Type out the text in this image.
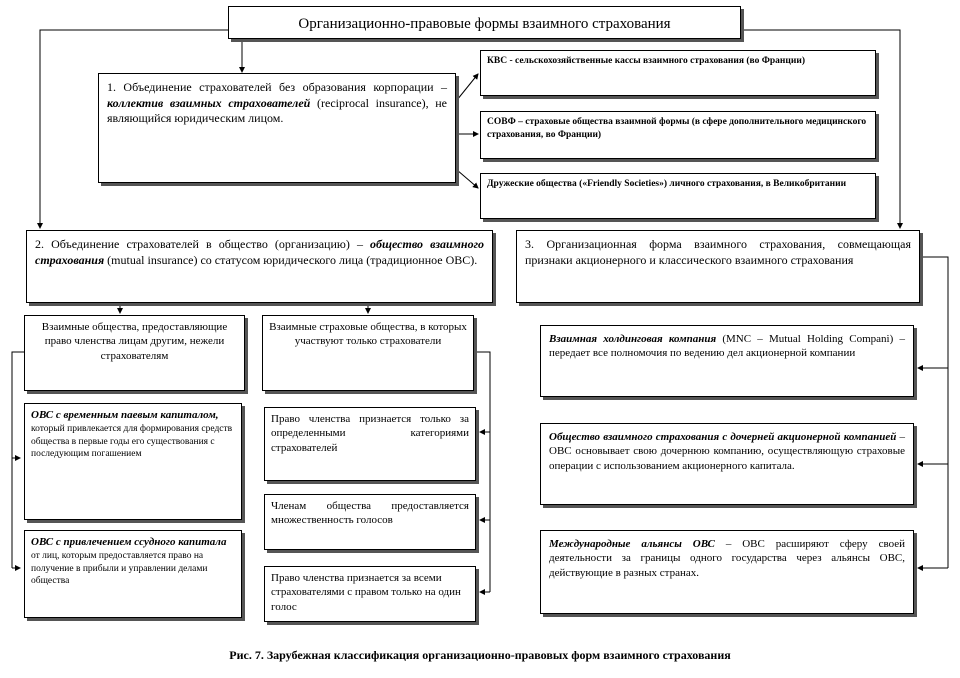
Организационно-правовые формы взаимного страхования
1. Объединение страхователей без образования корпорации – коллектив взаимных страхователей (reciprocal insurance), не являющийся юридическим лицом.
КВС - сельскохозяйственные кассы взаимного страхования (во Франции)
СОВФ – страховые общества взаимной формы (в сфере дополнительного медицинского страхования, во Франции)
Дружеские общества («Friendly Societies») личного страхования, в Великобритании
2. Объединение страхователей в общество (организацию) – общество взаимного страхования (mutual insurance) со статусом юридического лица (традиционное ОВС).
3. Организационная форма взаимного страхования, совмещающая признаки акционерного и классического взаимного страхования
Взаимные общества, предоставляющие право членства лицам другим, нежели страхователям
ОВС с временным паевым капиталом, который привлекается для формирования средств общества в первые годы его существования с последующим погашением
ОВС с привлечением ссудного капитала от лиц, которым предоставляется право на получение в прибыли и управлении делами общества
Взаимные страховые общества, в которых участвуют только страхователи
Право членства признается только за определенными категориями страхователей
Членам общества предоставляется множественность голосов
Право членства признается за всеми страхователями с правом только на один голос
Взаимная холдинговая компания (MNC – Mutual Holding Compani) – передает все полномочия по ведению дел акционерной компании
Общество взаимного страхования с дочерней акционерной компанией – ОВС основывает свою дочернюю компанию, осуществляющую страховые операции с использованием акционерного капитала.
Международные альянсы ОВС – ОВС расширяют сферу своей деятельности за границы одного государства через альянсы ОВС, действующие в разных странах.
Рис. 7. Зарубежная классификация организационно-правовых форм взаимного страхования
